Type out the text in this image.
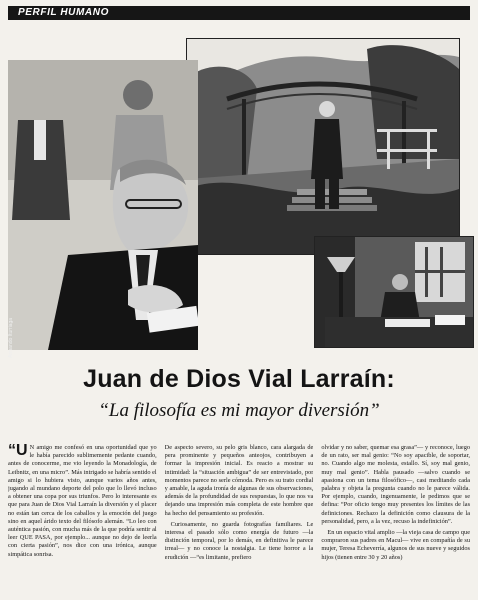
PERFIL HUMANO
Armando Iturriaga
Juan de Dios Vial Larraín:
“La filosofía es mi mayor diversión”

“U N amigo me confesó en una oportunidad que yo le había parecido sublimemente pedante cuando, antes de conocerme, me vio leyendo la Monadología, de Leibnitz, en una micro”. Más intrigado se habría sentido el amigo si lo hubiera visto, aunque varios años antes, jugando al mundano deporte del polo que lo llevó incluso a obtener una copa por sus triunfos. Pero lo interesante es que para Juan de Dios Vial Larraín la diversión y el placer no están tan cerca de los caballos y la emoción del juego sino en aquel árido texto del filósofo alemán. “Lo leo con auténtica pasión, con mucha más de la que podría sentir al leer QUE PASA, por ejemplo... aunque no dejo de leerla con cierta pasión”, nos dice con una irónica, aunque simpática sonrisa.

De aspecto severo, su pelo gris blanco, cara alargada de pera prominente y pequeños anteojos, contribuyen a formar la impresión inicial. Es reacio a mostrar su intimidad: la “situación ambigua” de ser entrevistado, por momentos parece no serle cómoda. Pero es su trato cordial y amable, la aguda ironía de algunas de sus observaciones, además de la profundidad de sus respuestas, lo que nos va dejando una impresión más completa de este hombre que ha hecho del pensamiento su profesión.

Curiosamente, no guarda fotografías familiares. Le interesa el pasado sólo como energía de futuro —la distinción temporal, por lo demás, en definitiva le parece irreal— y no conoce la nostalgia. Le tiene horror a la erudición —“es limitante, prefiero

olvidar y no saber, quemar esa grasa”— y reconoce, luego de un rato, ser mal genio: “No soy apacible, de soportar, no. Cuando algo me molesta, estallo. Sí, soy mal genio, muy mal genio”. Habla pausado —salvo cuando se apasiona con un tema filosófico—, casi meditando cada palabra y objeta la pregunta cuando no le parece válida. Por ejemplo, cuando, ingenuamente, le pedimos que se defina: “Por oficio tengo muy presentes los límites de las definiciones. Rechazo la definición como clausura de la personalidad, pero, a la vez, recuso la indefinición”.

En un espacio vital amplio —la vieja casa de campo que compraron sus padres en Macul— vive en compañía de su mujer, Teresa Echeverría, algunos de sus nueve y seguidos hijos (tienen entre 30 y 20 años)
